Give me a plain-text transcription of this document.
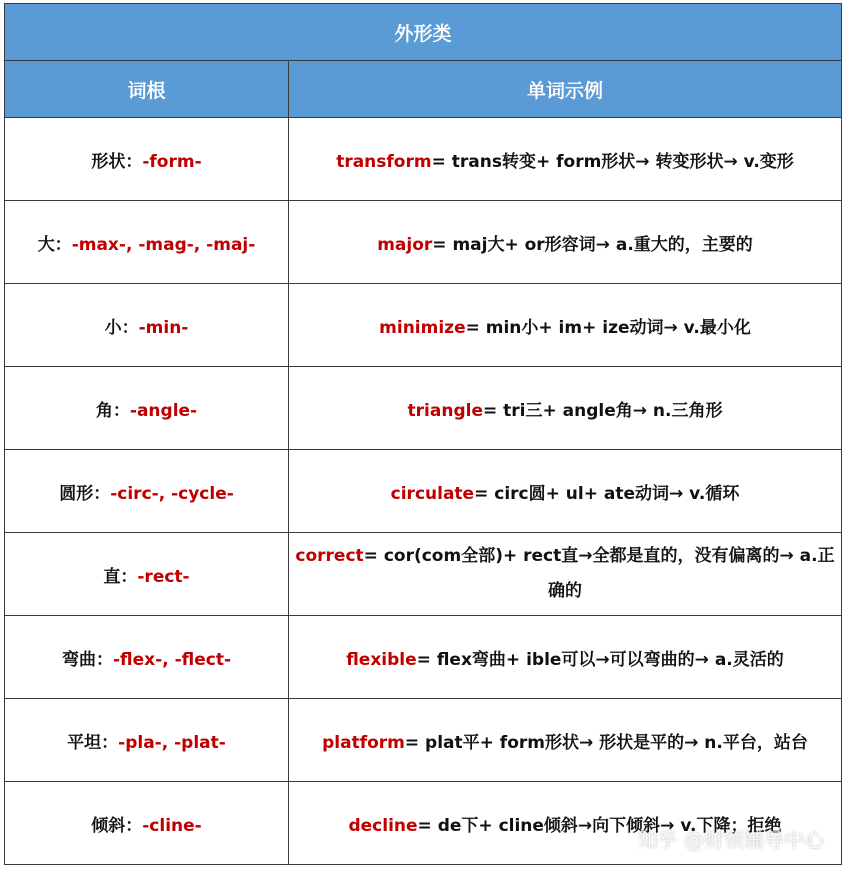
外形类	
词根	单词示例
形状：-form-	transform= trans转变+ form形状→ 转变形状→ v.变形
大：-max-, -mag-, -maj-	major= maj大+ or形容词→ a.重大的，主要的
小：-min-	minimize= min小+ im+ ize动词→ v.最小化
角：-angle-	triangle= tri三+ angle角→ n.三角形
圆形：-circ-, -cycle-	circulate= circ圆+ ul+ ate动词→ v.循环
直：-rect-	correct= cor(com全部)+ rect直→全都是直的，没有偏离的→ a.正确的
弯曲：-flex-, -flect-	flexible= flex弯曲+ ible可以→可以弯曲的→ a.灵活的
平坦：-pla-, -plat-	platform= plat平+ form形状→ 形状是平的→ n.平台，站台
倾斜：-cline-	decline= de下+ cline倾斜→向下倾斜→ v.下降；拒绝
知乎 @财领辅导中心
